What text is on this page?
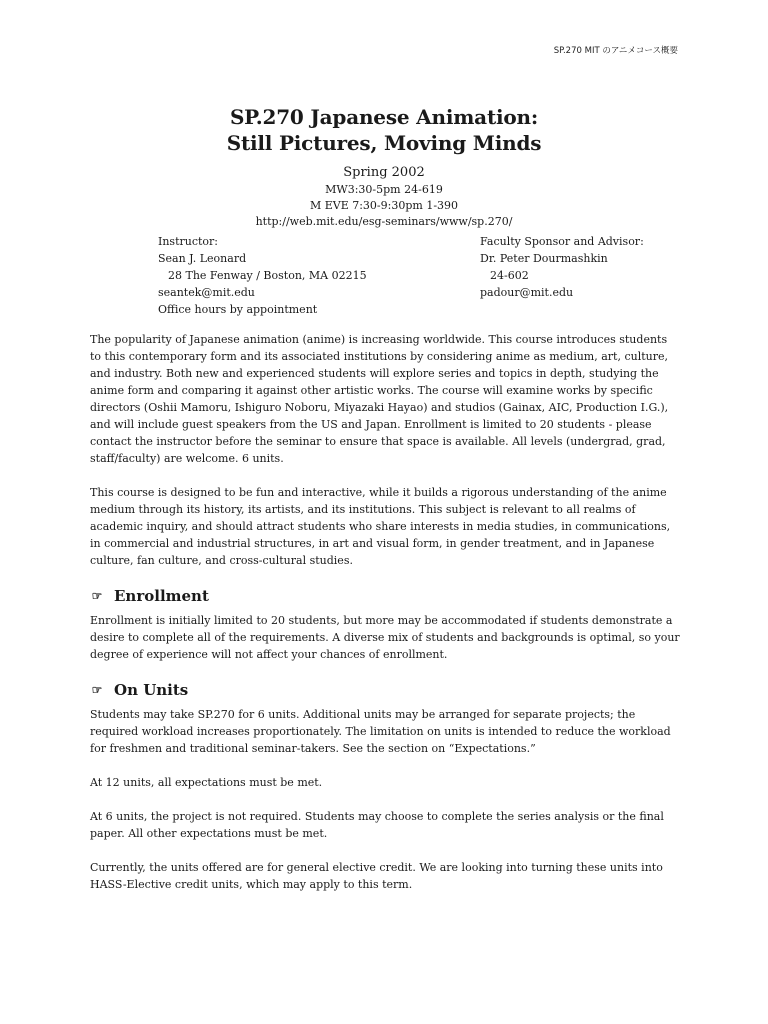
SP.270 MIT のアニメコース概要
SP.270 Japanese Animation:
Still Pictures, Moving Minds
Spring 2002
MW3:30-5pm 24-619
M EVE 7:30-9:30pm 1-390
http://web.mit.edu/esg-seminars/www/sp.270/
Instructor:
Sean J. Leonard
28 The Fenway / Boston, MA 02215
seantek@mit.edu
Office hours by appointment
Faculty Sponsor and Advisor:
Dr. Peter Dourmashkin
24-602
padour@mit.edu

The popularity of Japanese animation (anime) is increasing worldwide. This course introduces students to this contemporary form and its associated institutions by considering anime as medium, art, culture, and industry. Both new and experienced students will explore series and topics in depth, studying the anime form and comparing it against other artistic works. The course will examine works by specific directors (Oshii Mamoru, Ishiguro Noboru, Miyazaki Hayao) and studios (Gainax, AIC, Production I.G.), and will include guest speakers from the US and Japan. Enrollment is limited to 20 students - please contact the instructor before the seminar to ensure that space is available. All levels (undergrad, grad, staff/faculty) are welcome. 6 units.

This course is designed to be fun and interactive, while it builds a rigorous understanding of the anime medium through its history, its artists, and its institutions. This subject is relevant to all realms of academic inquiry, and should attract students who share interests in media studies, in communications, in commercial and industrial structures, in art and visual form, in gender treatment, and in Japanese culture, fan culture, and cross-cultural studies.

☞ Enrollment

Enrollment is initially limited to 20 students, but more may be accommodated if students demonstrate a desire to complete all of the requirements. A diverse mix of students and backgrounds is optimal, so your degree of experience will not affect your chances of enrollment.

☞ On Units

Students may take SP.270 for 6 units. Additional units may be arranged for separate projects; the required workload increases proportionately. The limitation on units is intended to reduce the workload for freshmen and traditional seminar-takers. See the section on “Expectations.”

At 12 units, all expectations must be met.

At 6 units, the project is not required. Students may choose to complete the series analysis or the final paper. All other expectations must be met.

Currently, the units offered are for general elective credit. We are looking into turning these units into HASS-Elective credit units, which may apply to this term.
